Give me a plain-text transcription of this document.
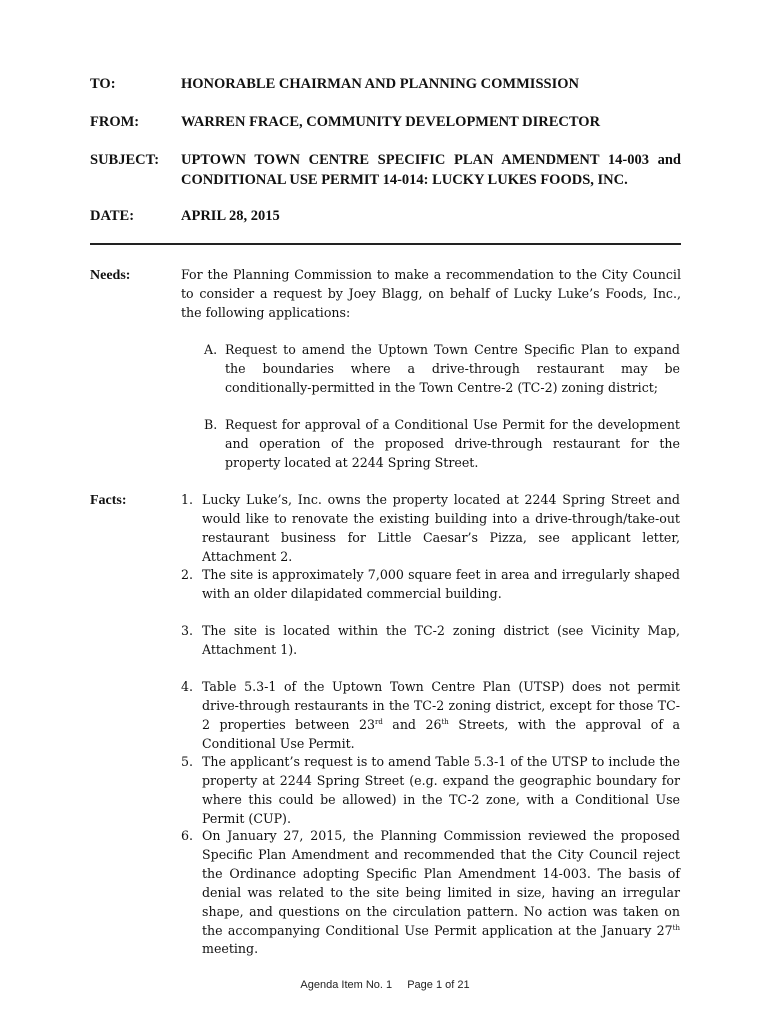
TO:	HONORABLE CHAIRMAN AND PLANNING COMMISSION
FROM:	WARREN FRACE, COMMUNITY DEVELOPMENT DIRECTOR
SUBJECT:	UPTOWN TOWN CENTRE SPECIFIC PLAN AMENDMENT 14-003 and
CONDITIONAL USE PERMIT 14-014: LUCKY LUKES FOODS, INC.
DATE:	APRIL 28, 2015
Needs:	For the Planning Commission to make a recommendation to the City Council to consider a request by Joey Blagg, on behalf of Lucky Luke’s Foods, Inc., the following applications:
A. Request to amend the Uptown Town Centre Specific Plan to expand the boundaries where a drive-through restaurant may be conditionally-permitted in the Town Centre-2 (TC-2) zoning district;
B. Request for approval of a Conditional Use Permit for the development and operation of the proposed drive-through restaurant for the property located at 2244 Spring Street.
Facts:	1. Lucky Luke’s, Inc. owns the property located at 2244 Spring Street and would like to renovate the existing building into a drive-through/take-out restaurant business for Little Caesar’s Pizza, see applicant letter, Attachment 2.
2. The site is approximately 7,000 square feet in area and irregularly shaped with an older dilapidated commercial building.
3. The site is located within the TC-2 zoning district (see Vicinity Map, Attachment 1).
4. Table 5.3-1 of the Uptown Town Centre Plan (UTSP) does not permit drive-through restaurants in the TC-2 zoning district, except for those TC-2 properties between 23rd and 26th Streets, with the approval of a Conditional Use Permit.
5. The applicant’s request is to amend Table 5.3-1 of the UTSP to include the property at 2244 Spring Street (e.g. expand the geographic boundary for where this could be allowed) in the TC-2 zone, with a Conditional Use Permit (CUP).
6. On January 27, 2015, the Planning Commission reviewed the proposed Specific Plan Amendment and recommended that the City Council reject the Ordinance adopting Specific Plan Amendment 14-003. The basis of denial was related to the site being limited in size, having an irregular shape, and questions on the circulation pattern. No action was taken on the accompanying Conditional Use Permit application at the January 27th meeting.
Agenda Item No. 1 Page 1 of 21
